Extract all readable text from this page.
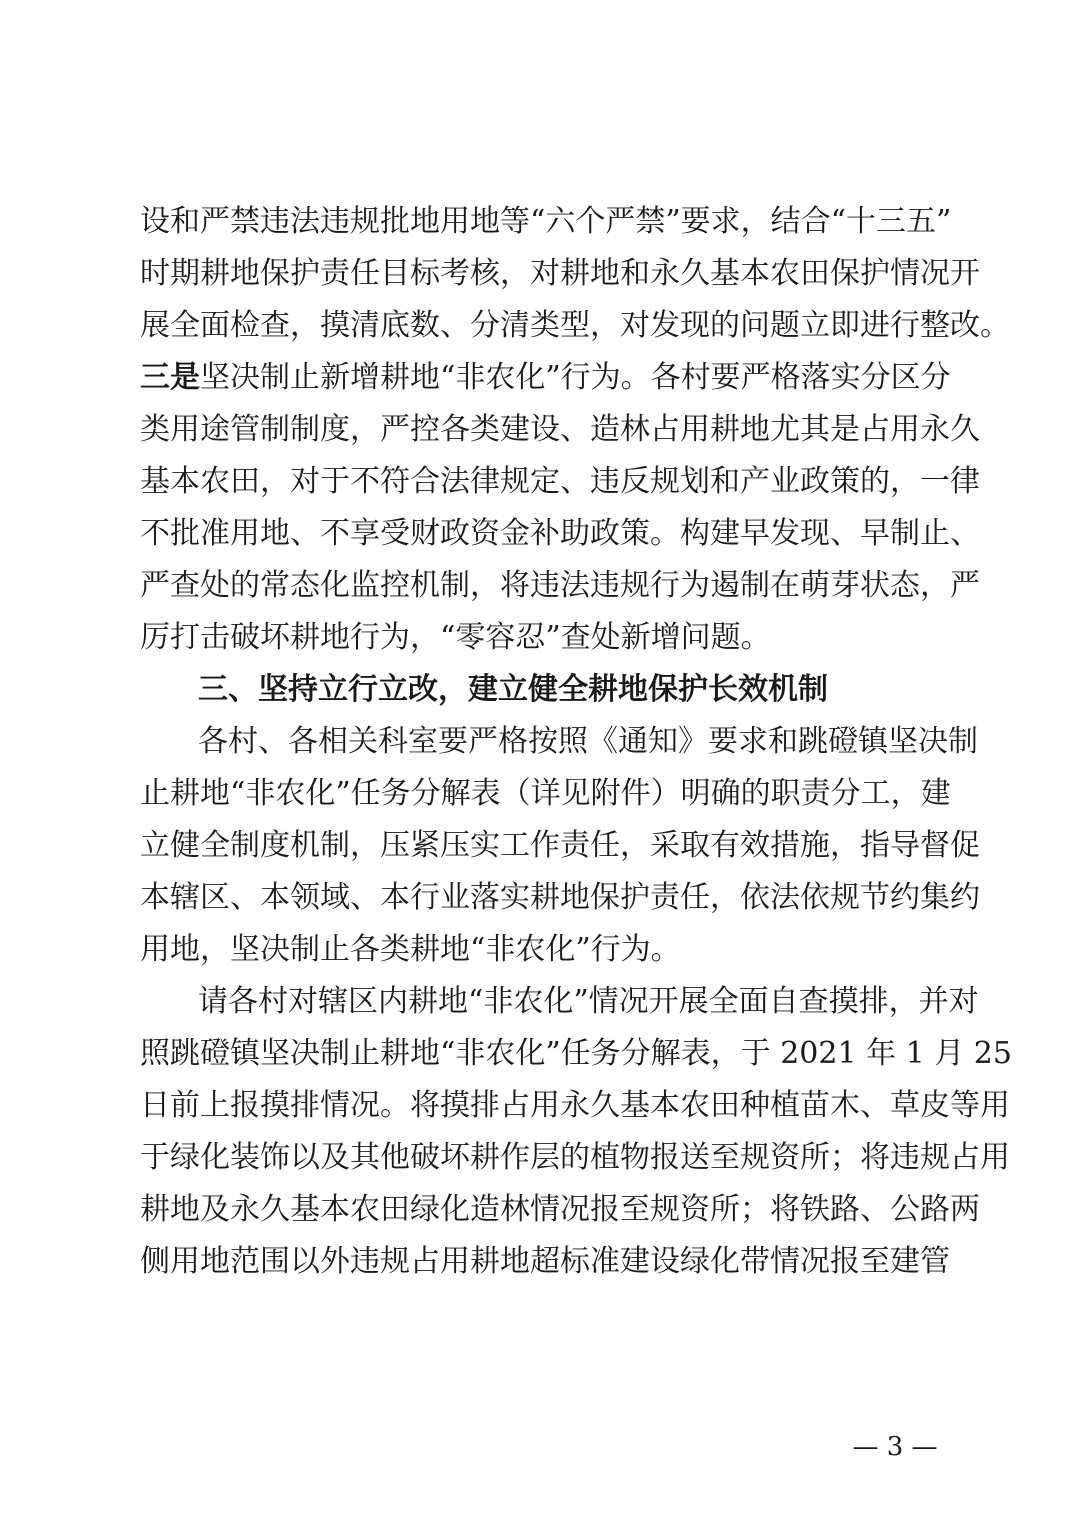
设和严禁违法违规批地用地等“六个严禁”要求，结合“十三五”
时期耕地保护责任目标考核，对耕地和永久基本农田保护情况开
展全面检查，摸清底数、分清类型，对发现的问题立即进行整改。
三是坚决制止新增耕地“非农化”行为。各村要严格落实分区分
类用途管制制度，严控各类建设、造林占用耕地尤其是占用永久
基本农田，对于不符合法律规定、违反规划和产业政策的，一律
不批准用地、不享受财政资金补助政策。构建早发现、早制止、
严查处的常态化监控机制，将违法违规行为遏制在萌芽状态，严
厉打击破坏耕地行为，“零容忍”查处新增问题。
三、坚持立行立改，建立健全耕地保护长效机制
各村、各相关科室要严格按照《通知》要求和跳磴镇坚决制
止耕地“非农化”任务分解表（详见附件）明确的职责分工，建
立健全制度机制，压紧压实工作责任，采取有效措施，指导督促
本辖区、本领域、本行业落实耕地保护责任，依法依规节约集约
用地，坚决制止各类耕地“非农化”行为。
请各村对辖区内耕地“非农化”情况开展全面自查摸排，并对
照跳磴镇坚决制止耕地“非农化”任务分解表，于 2021 年 1 月 25
日前上报摸排情况。将摸排占用永久基本农田种植苗木、草皮等用
于绿化装饰以及其他破坏耕作层的植物报送至规资所；将违规占用
耕地及永久基本农田绿化造林情况报至规资所；将铁路、公路两
侧用地范围以外违规占用耕地超标准建设绿化带情况报至建管
— 3 —
